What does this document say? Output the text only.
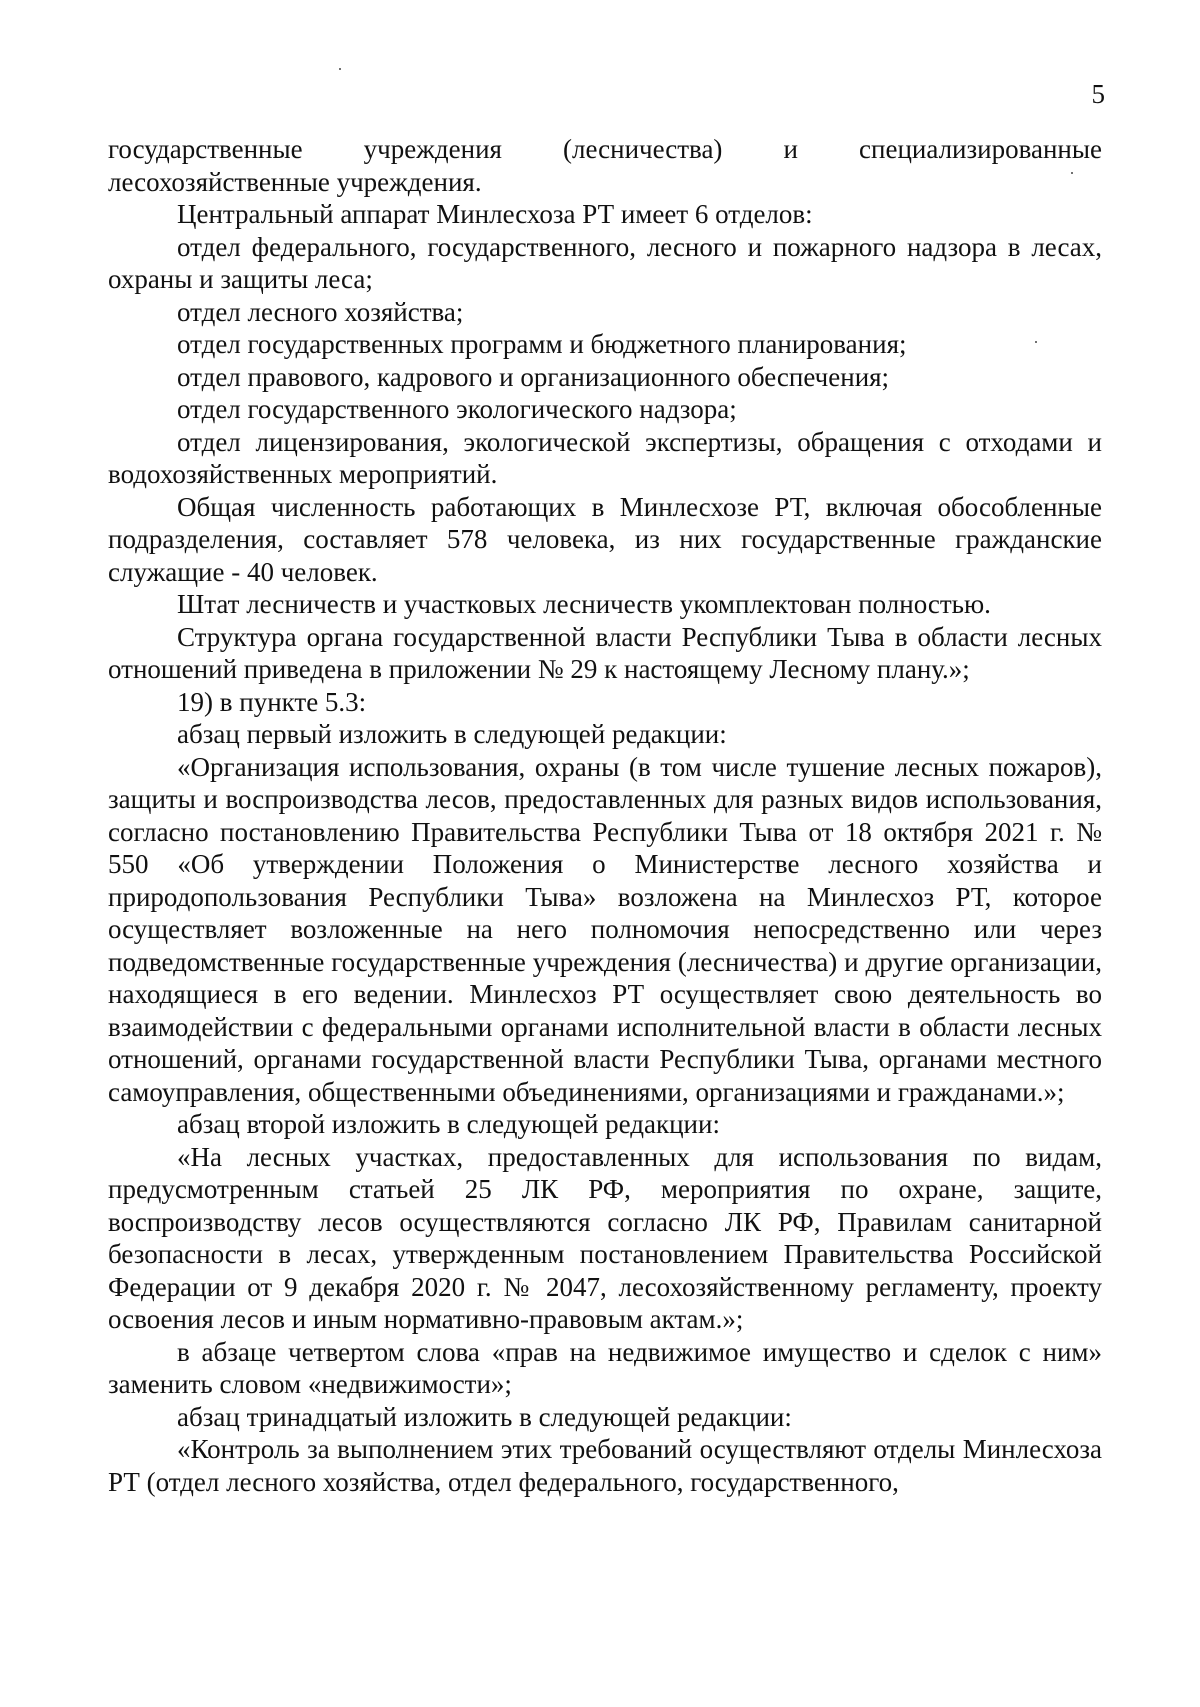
5

государственные учреждения (лесничества) и специализированные лесохозяйственные учреждения.

Центральный аппарат Минлесхоза РТ имеет 6 отделов:

отдел федерального, государственного, лесного и пожарного надзора в лесах, охраны и защиты леса;

отдел лесного хозяйства;

отдел государственных программ и бюджетного планирования;

отдел правового, кадрового и организационного обеспечения;

отдел государственного экологического надзора;

отдел лицензирования, экологической экспертизы, обращения с отходами и водохозяйственных мероприятий.

Общая численность работающих в Минлесхозе РТ, включая обособленные подразделения, составляет 578 человека, из них государственные гражданские служащие - 40 человек.

Штат лесничеств и участковых лесничеств укомплектован полностью.

Структура органа государственной власти Республики Тыва в области лесных отношений приведена в приложении № 29 к настоящему Лесному плану.»;

19) в пункте 5.3:

абзац первый изложить в следующей редакции:

«Организация использования, охраны (в том числе тушение лесных пожаров), защиты и воспроизводства лесов, предоставленных для разных видов использования, согласно постановлению Правительства Республики Тыва от 18 октября 2021 г. № 550 «Об утверждении Положения о Министерстве лесного хозяйства и природопользования Республики Тыва» возложена на Минлесхоз РТ, которое осуществляет возложенные на него полномочия непосредственно или через подведомственные государственные учреждения (лесничества) и другие организации, находящиеся в его ведении. Минлесхоз РТ осуществляет свою деятельность во взаимодействии с федеральными органами исполнительной власти в области лесных отношений, органами государственной власти Республики Тыва, органами местного самоуправления, общественными объединениями, организациями и гражданами.»;

абзац второй изложить в следующей редакции:

«На лесных участках, предоставленных для использования по видам, предусмотренным статьей 25 ЛК РФ, мероприятия по охране, защите, воспроизводству лесов осуществляются согласно ЛК РФ, Правилам санитарной безопасности в лесах, утвержденным постановлением Правительства Российской Федерации от 9 декабря 2020 г. № 2047, лесохозяйственному регламенту, проекту освоения лесов и иным нормативно-правовым актам.»;

в абзаце четвертом слова «прав на недвижимое имущество и сделок с ним» заменить словом «недвижимости»;

абзац тринадцатый изложить в следующей редакции:

«Контроль за выполнением этих требований осуществляют отделы Минлесхоза РТ (отдел лесного хозяйства, отдел федерального, государственного,
